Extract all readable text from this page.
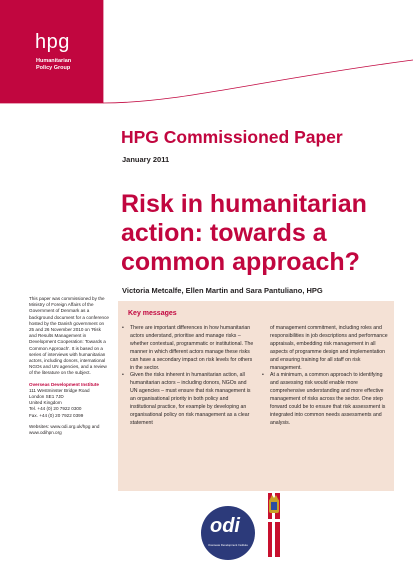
hpg
Humanitarian
Policy Group
HPG Commissioned Paper
January 2011
Risk in humanitarian
action: towards a
common approach?
Victoria Metcalfe, Ellen Martin and Sara Pantuliano, HPG
Key messages

• There are important differences in how humanitarian actors understand, prioritise and manage risks – whether contextual, programmatic or institutional. The manner in which different actors manage these risks can have a secondary impact on risk levels for others in the sector.

• Given the risks inherent in humanitarian action, all humanitarian actors – including donors, NGOs and UN agencies – must ensure that risk management is an organisational priority in both policy and institutional practice, for example by developing an organisational policy on risk management as a clear statement

of management commitment, including roles and responsibilities in job descriptions and performance appraisals, embedding risk management in all aspects of programme design and implementation and ensuring training for all staff on risk management.

• At a minimum, a common approach to identifying and assessing risk would enable more comprehensive understanding and more effective management of risks across the sector. One step forward could be to ensure that risk assessment is integrated into common needs assessments and analysis.

This paper was commissioned by the Ministry of Foreign Affairs of the Government of Denmark as a background document for a conference hosted by the Danish government on 25 and 26 November 2010 on 'Risk and Results Management in Development Cooperation: Towards a Common Approach'. It is based on a series of interviews with humanitarian actors, including donors, international NGOs and UN agencies, and a review of the literature on the subject.
Overseas Development Institute
111 Westminster Bridge Road
London SE1 7JD
United Kingdom
Tel. +44 (0) 20 7922 0300
Fax. +44 (0) 20 7922 0399
Websites: www.odi.org.uk/hpg and www.odihpn.org
odi
Overseas Development Institute
